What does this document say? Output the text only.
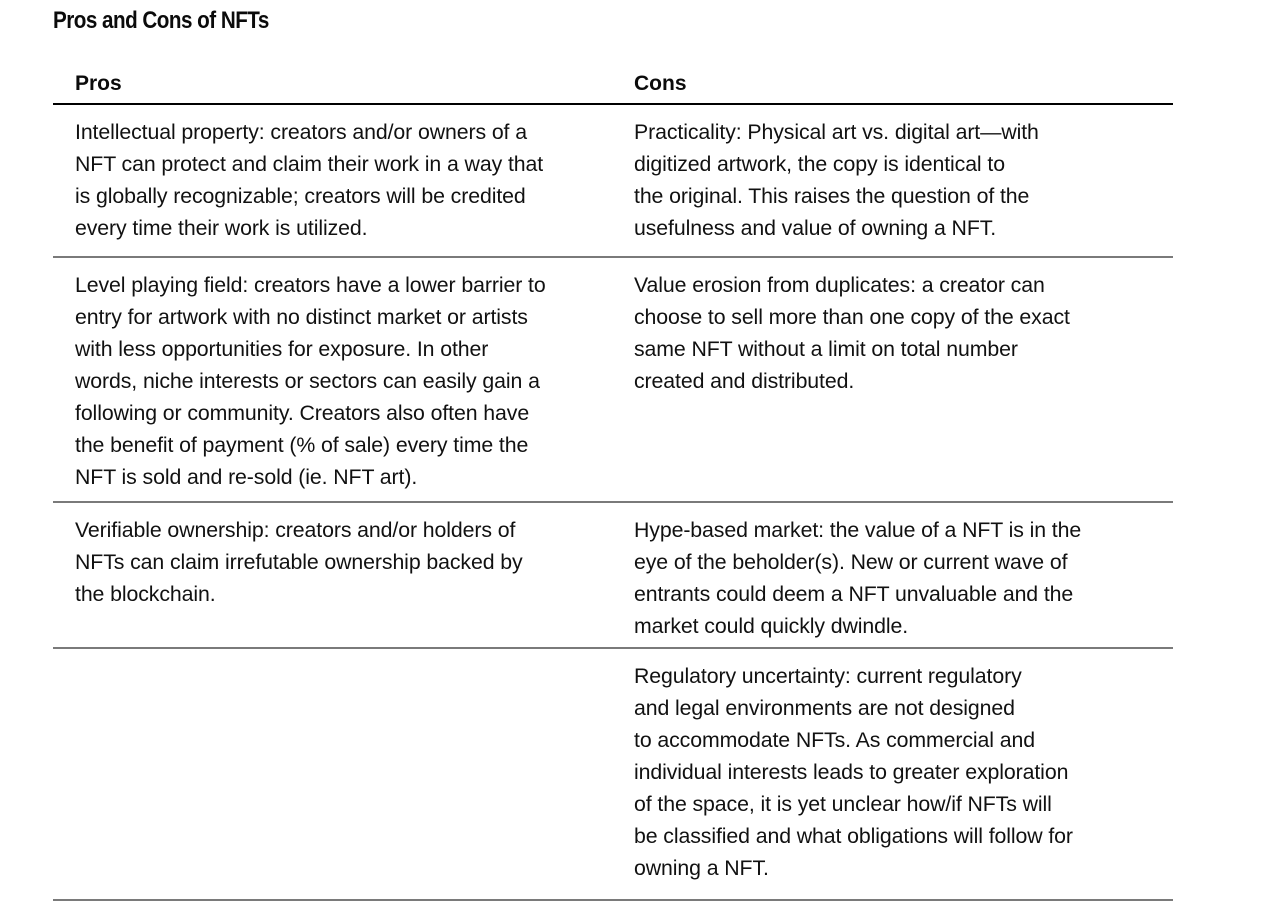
Pros and Cons of NFTs
Pros	Cons
Intellectual property: creators and/or owners of a
NFT can protect and claim their work in a way that
is globally recognizable; creators will be credited
every time their work is utilized.
Practicality: Physical art vs. digital art—with
digitized artwork, the copy is identical to
the original. This raises the question of the
usefulness and value of owning a NFT.
Level playing field: creators have a lower barrier to
entry for artwork with no distinct market or artists
with less opportunities for exposure. In other
words, niche interests or sectors can easily gain a
following or community. Creators also often have
the benefit of payment (% of sale) every time the
NFT is sold and re-sold (ie. NFT art).
Value erosion from duplicates: a creator can
choose to sell more than one copy of the exact
same NFT without a limit on total number
created and distributed.
Verifiable ownership: creators and/or holders of
NFTs can claim irrefutable ownership backed by
the blockchain.
Hype-based market: the value of a NFT is in the
eye of the beholder(s). New or current wave of
entrants could deem a NFT unvaluable and the
market could quickly dwindle.
Regulatory uncertainty: current regulatory
and legal environments are not designed
to accommodate NFTs. As commercial and
individual interests leads to greater exploration
of the space, it is yet unclear how/if NFTs will
be classified and what obligations will follow for
owning a NFT.
